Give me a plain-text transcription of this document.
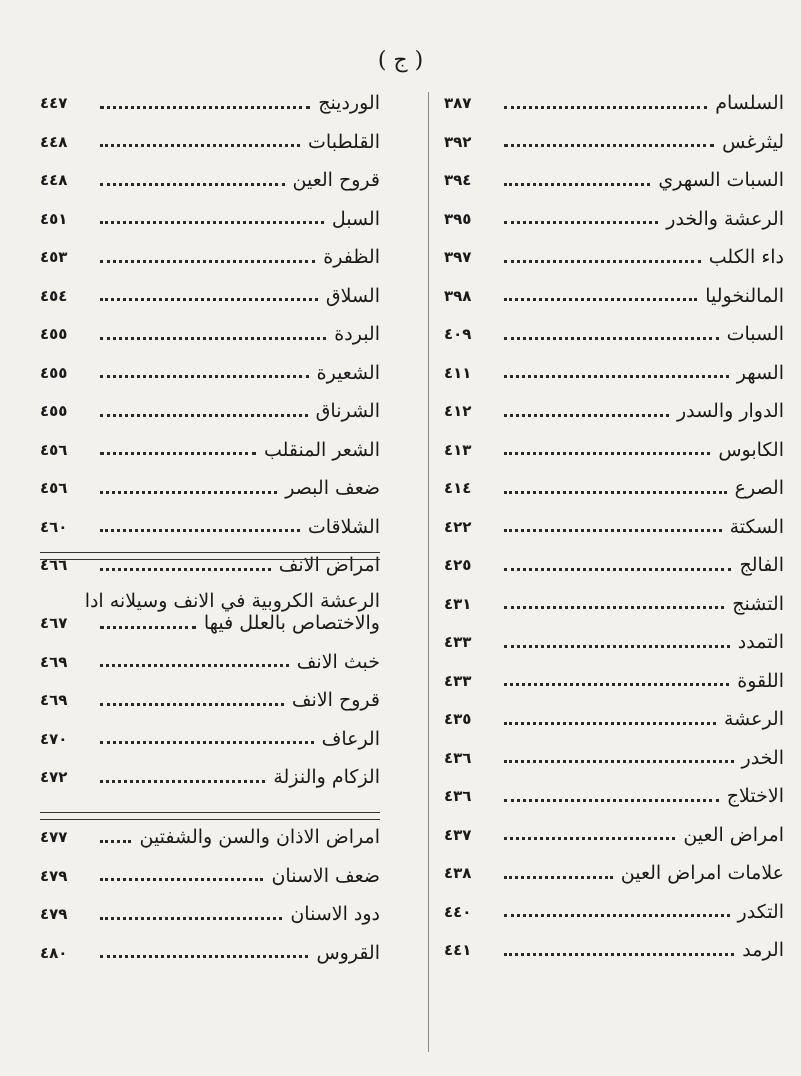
( ج )
٣٨٧	السلسام
٣٩٢	ليثرغس
٣٩٤	السبات السهري
٣٩٥	الرعشة والخدر
٣٩٧	داء الكلب
٣٩٨	المالنخوليا
٤٠٩	السبات
٤١١	السهر
٤١٢	الدوار والسدر
٤١٣	الكابوس
٤١٤	الصرع
٤٢٢	السكتة
٤٢٥	الفالج
٤٣١	التشنج
٤٣٣	التمدد
٤٣٣	اللقوة
٤٣٥	الرعشة
٤٣٦	الخدر
٤٣٦	الاختلاج
٤٣٧	امراض العين
٤٣٨	علامات امراض العين
٤٤٠	التكدر
٤٤١	الرمد
٤٤٧	الوردينج
٤٤٨	القلطبات
٤٤٨	قروح العين
٤٥١	السبل
٤٥٣	الظفرة
٤٥٤	السلاق
٤٥٥	البردة
٤٥٥	الشعيرة
٤٥٥	الشرناق
٤٥٦	الشعر المنقلب
٤٥٦	ضعف البصر
٤٦٠	الشلاقات
٤٦٦	امراض الانف
الرعشة الكروبية في الانف وسيلانه ادا
٤٦٧	والاختصاص بالعلل فيها
٤٦٩	خبث الانف
٤٦٩	قروح الانف
٤٧٠	الرعاف
٤٧٢	الزكام والنزلة
٤٧٧	امراض الاذان والسن والشفتين
٤٧٩	ضعف الاسنان
٤٧٩	دود الاسنان
٤٨٠	القروس
